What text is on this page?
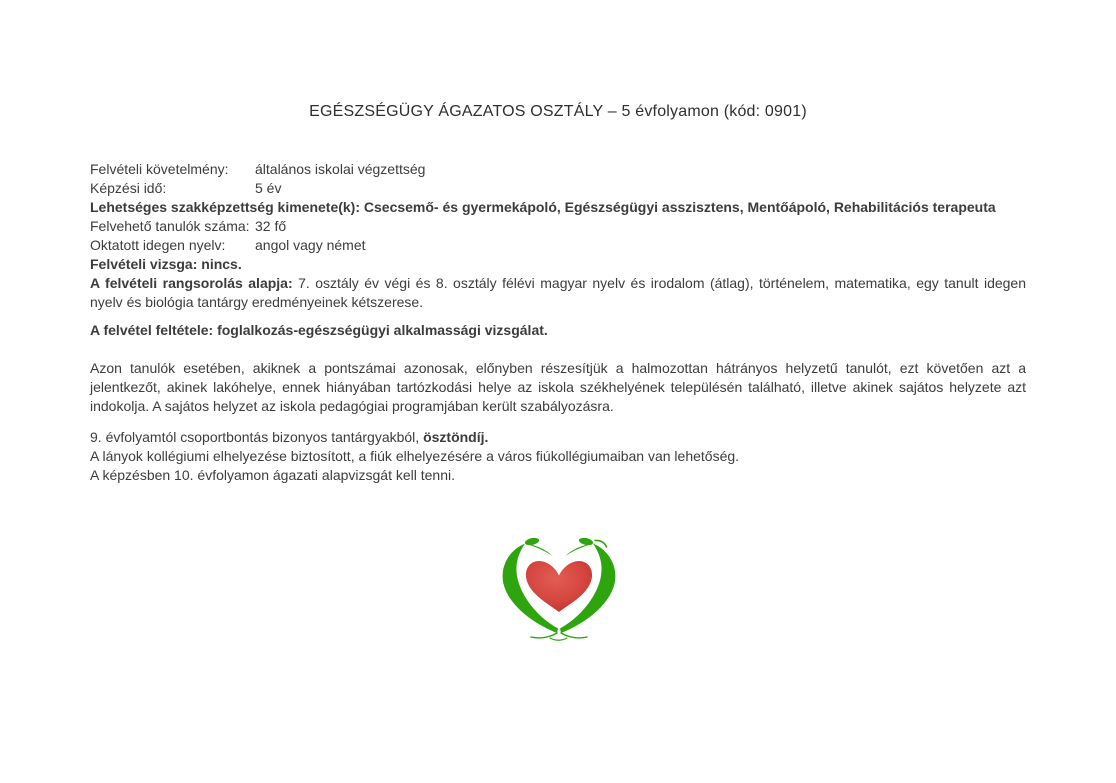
EGÉSZSÉGÜGY ÁGAZATOS OSZTÁLY – 5 évfolyamon (kód: 0901)
Felvételi követelmény:	általános iskolai végzettség
Képzési idő:	5 év
Lehetséges szakképzettség kimenete(k): Csecsemő- és gyermekápoló, Egészségügyi asszisztens, Mentőápoló, Rehabilitációs terapeuta
Felvehető tanulók száma: 32 fő
Oktatott idegen nyelv:	angol vagy német
Felvételi vizsga: nincs.
A felvételi rangsorolás alapja: 7. osztály év végi és 8. osztály félévi magyar nyelv és irodalom (átlag), történelem, matematika, egy tanult idegen nyelv és biológia tantárgy eredményeinek kétszerese.
A felvétel feltétele: foglalkozás-egészségügyi alkalmassági vizsgálat.
Azon tanulók esetében, akiknek a pontszámai azonosak, előnyben részesítjük a halmozottan hátrányos helyzetű tanulót, ezt követően azt a jelentkezőt, akinek lakóhelye, ennek hiányában tartózkodási helye az iskola székhelyének településén található, illetve akinek sajátos helyzete azt indokolja. A sajátos helyzet az iskola pedagógiai programjában került szabályozásra.
9. évfolyamtól csoportbontás bizonyos tantárgyakból, ösztöndíj.
A lányok kollégiumi elhelyezése biztosított, a fiúk elhelyezésére a város fiúkollégiumaiban van lehetőség.
A képzésben 10. évfolyamon ágazati alapvizsgát kell tenni.
